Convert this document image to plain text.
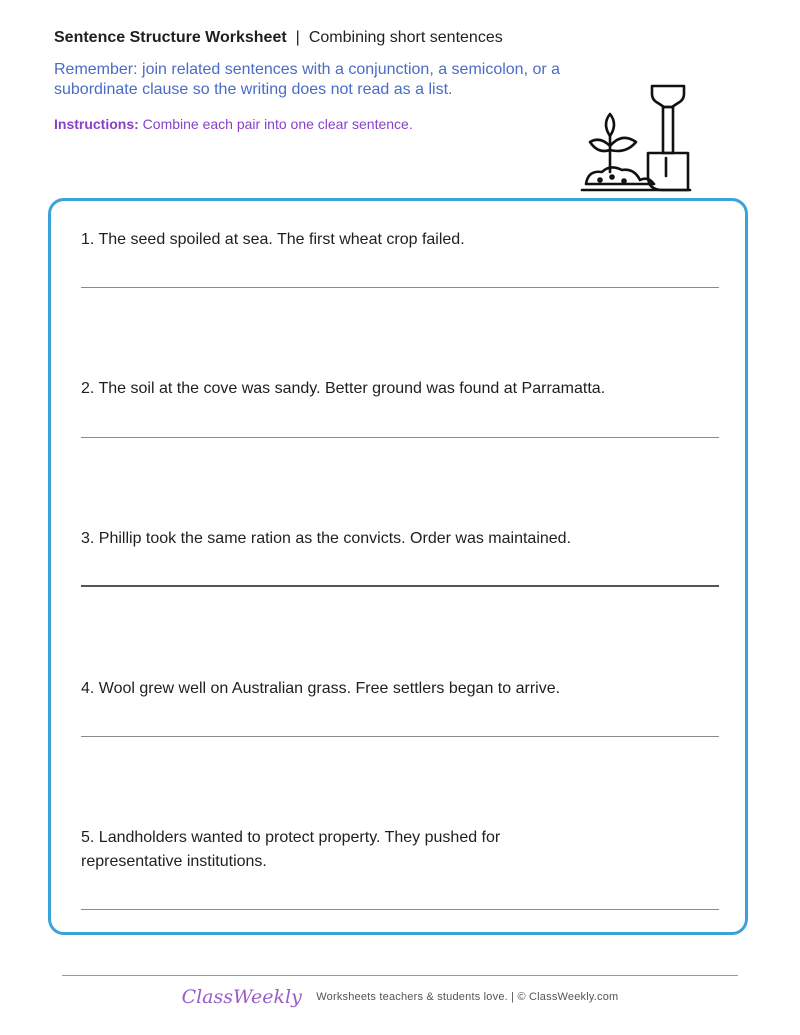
Sentence Structure Worksheet | Combining short sentences
Remember: join related sentences with a conjunction, a semicolon, or a subordinate clause so the writing does not read as a list.
Instructions: Combine each pair into one clear sentence.
1. The seed spoiled at sea. The first wheat crop failed.
2. The soil at the cove was sandy. Better ground was found at Parramatta.
3. Phillip took the same ration as the convicts. Order was maintained.
4. Wool grew well on Australian grass. Free settlers began to arrive.
5. Landholders wanted to protect property. They pushed for representative institutions.
ClassWeekly Worksheets teachers & students love. | © ClassWeekly.com
